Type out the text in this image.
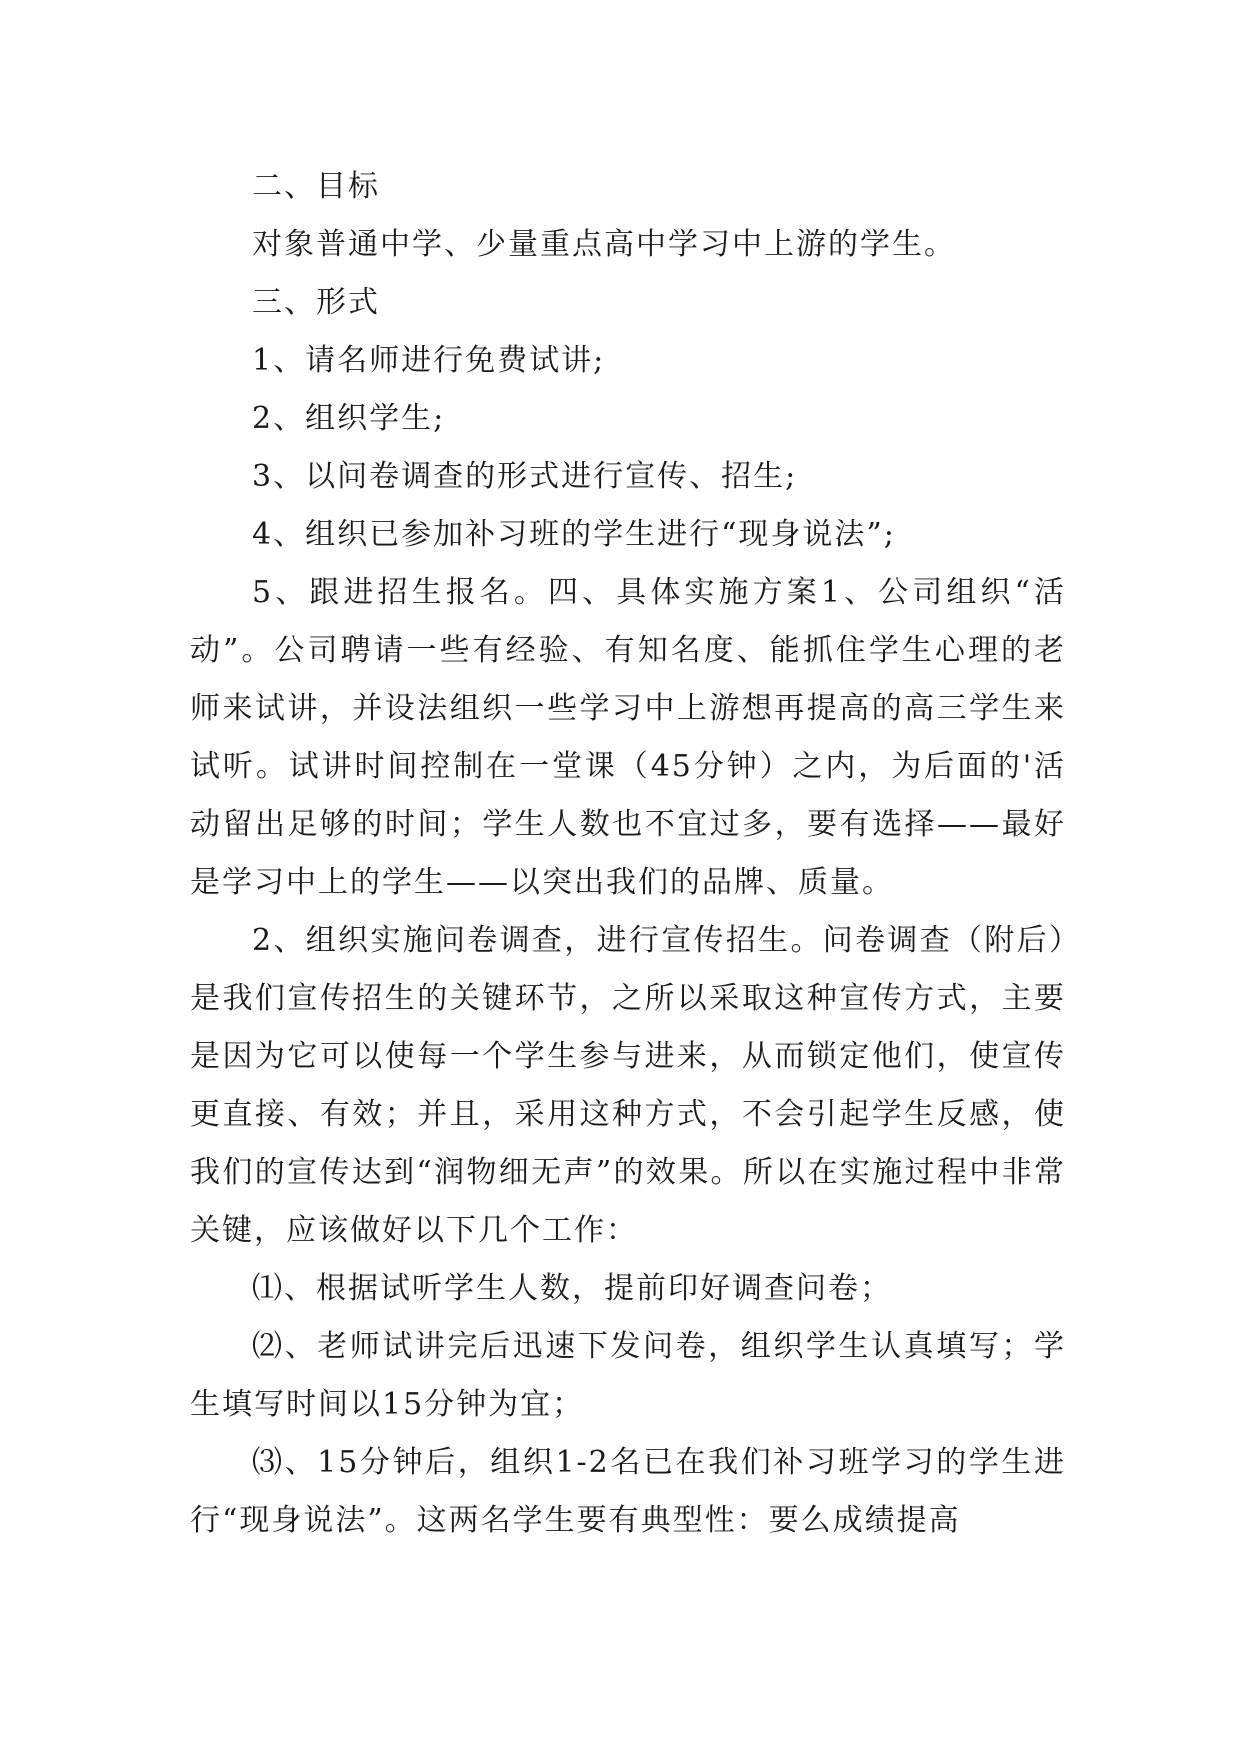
二、目标

对象普通中学、少量重点高中学习中上游的学生。

三、形式

1、请名师进行免费试讲;

2、组织学生;

3、以问卷调查的形式进行宣传、招生;

4、组织已参加补习班的学生进行“现身说法”;

5、跟进招生报名。四、具体实施方案1、公司组织“活动”。公司聘请一些有经验、有知名度、能抓住学生心理的老师来试讲，并设法组织一些学习中上游想再提高的高三学生来试听。试讲时间控制在一堂课（45分钟）之内，为后面的'活动留出足够的时间；学生人数也不宜过多，要有选择——最好是学习中上的学生——以突出我们的品牌、质量。

2、组织实施问卷调查，进行宣传招生。问卷调查（附后）是我们宣传招生的关键环节，之所以采取这种宣传方式，主要是因为它可以使每一个学生参与进来，从而锁定他们，使宣传更直接、有效；并且，采用这种方式，不会引起学生反感，使我们的宣传达到“润物细无声”的效果。所以在实施过程中非常关键，应该做好以下几个工作：

⑴、根据试听学生人数，提前印好调查问卷；

⑵、老师试讲完后迅速下发问卷，组织学生认真填写；学生填写时间以15分钟为宜；

⑶、15分钟后，组织1-2名已在我们补习班学习的学生进行“现身说法”。这两名学生要有典型性：要么成绩提高
